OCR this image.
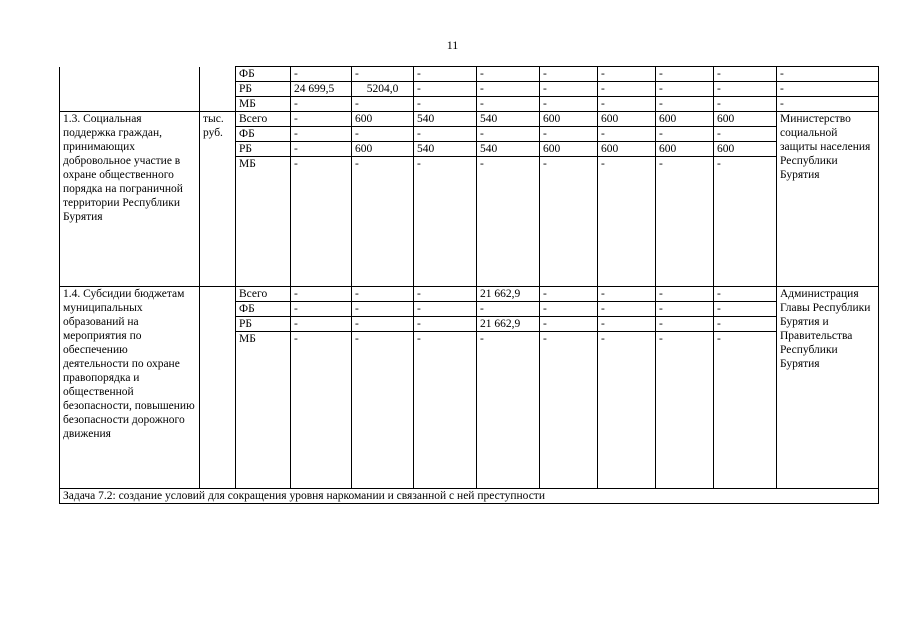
11
		ФБ	-	-	-	-	-	-	-	-	-
		РБ	24 699,5	5204,0	-	-	-	-	-	-	-
		МБ	-	-	-	-	-	-	-	-	-
1.3. Социальная поддержка граждан, принимающих добровольное участие в охране общественного порядка на пограничной территории Республики Бурятия	тыс. руб.	Всего	-	600	540	540	600	600	600	600	Министерство социальной защиты населения Республики Бурятия
		ФБ	-	-	-	-	-	-	-	-	
		РБ	-	600	540	540	600	600	600	600	
		МБ	-	-	-	-	-	-	-	-	
1.4. Субсидии бюджетам муниципальных образований на мероприятия по обеспечению деятельности по охране правопорядка и общественной безопасности, повышению безопасности дорожного движения		Всего	-	-	-	21 662,9	-	-	-	-	Администрация Главы Республики Бурятия и Правительства Республики Бурятия
		ФБ	-	-	-	-	-	-	-	-	
		РБ	-	-	-	21 662,9	-	-	-	-	
		МБ	-	-	-	-	-	-	-	-	
Задача 7.2: создание условий для сокращения уровня наркомании и связанной с ней преступности											
